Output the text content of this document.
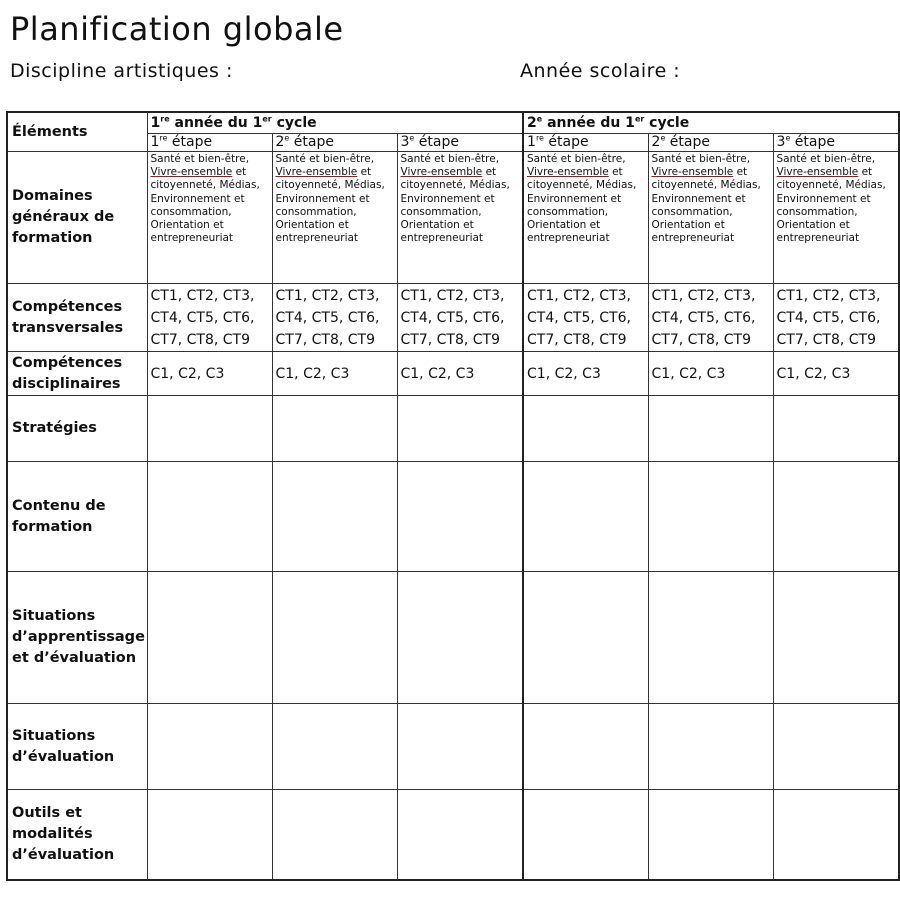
Planification globale
Discipline artistiques :	Année scolaire :
Éléments	1re année du 1er cycle			2e année du 1er cycle		
	1re étape	2e étape	3e étape	1re étape	2e étape	3e étape
Domaines généraux de formation	Santé et bien-être, Vivre-ensemble et citoyenneté, Médias, Environnement et consommation, Orientation et entrepreneuriat	Santé et bien-être, Vivre-ensemble et citoyenneté, Médias, Environnement et consommation, Orientation et entrepreneuriat	Santé et bien-être, Vivre-ensemble et citoyenneté, Médias, Environnement et consommation, Orientation et entrepreneuriat	Santé et bien-être, Vivre-ensemble et citoyenneté, Médias, Environnement et consommation, Orientation et entrepreneuriat	Santé et bien-être, Vivre-ensemble et citoyenneté, Médias, Environnement et consommation, Orientation et entrepreneuriat	Santé et bien-être, Vivre-ensemble et citoyenneté, Médias, Environnement et consommation, Orientation et entrepreneuriat
Compétences transversales	CT1, CT2, CT3, CT4, CT5, CT6, CT7, CT8, CT9	CT1, CT2, CT3, CT4, CT5, CT6, CT7, CT8, CT9	CT1, CT2, CT3, CT4, CT5, CT6, CT7, CT8, CT9	CT1, CT2, CT3, CT4, CT5, CT6, CT7, CT8, CT9	CT1, CT2, CT3, CT4, CT5, CT6, CT7, CT8, CT9	CT1, CT2, CT3, CT4, CT5, CT6, CT7, CT8, CT9
Compétences disciplinaires	C1, C2, C3	C1, C2, C3	C1, C2, C3	C1, C2, C3	C1, C2, C3	C1, C2, C3
Stratégies						
Contenu de formation						
Situations d’apprentissage et d’évaluation						
Situations d’évaluation						
Outils et modalités d’évaluation						
